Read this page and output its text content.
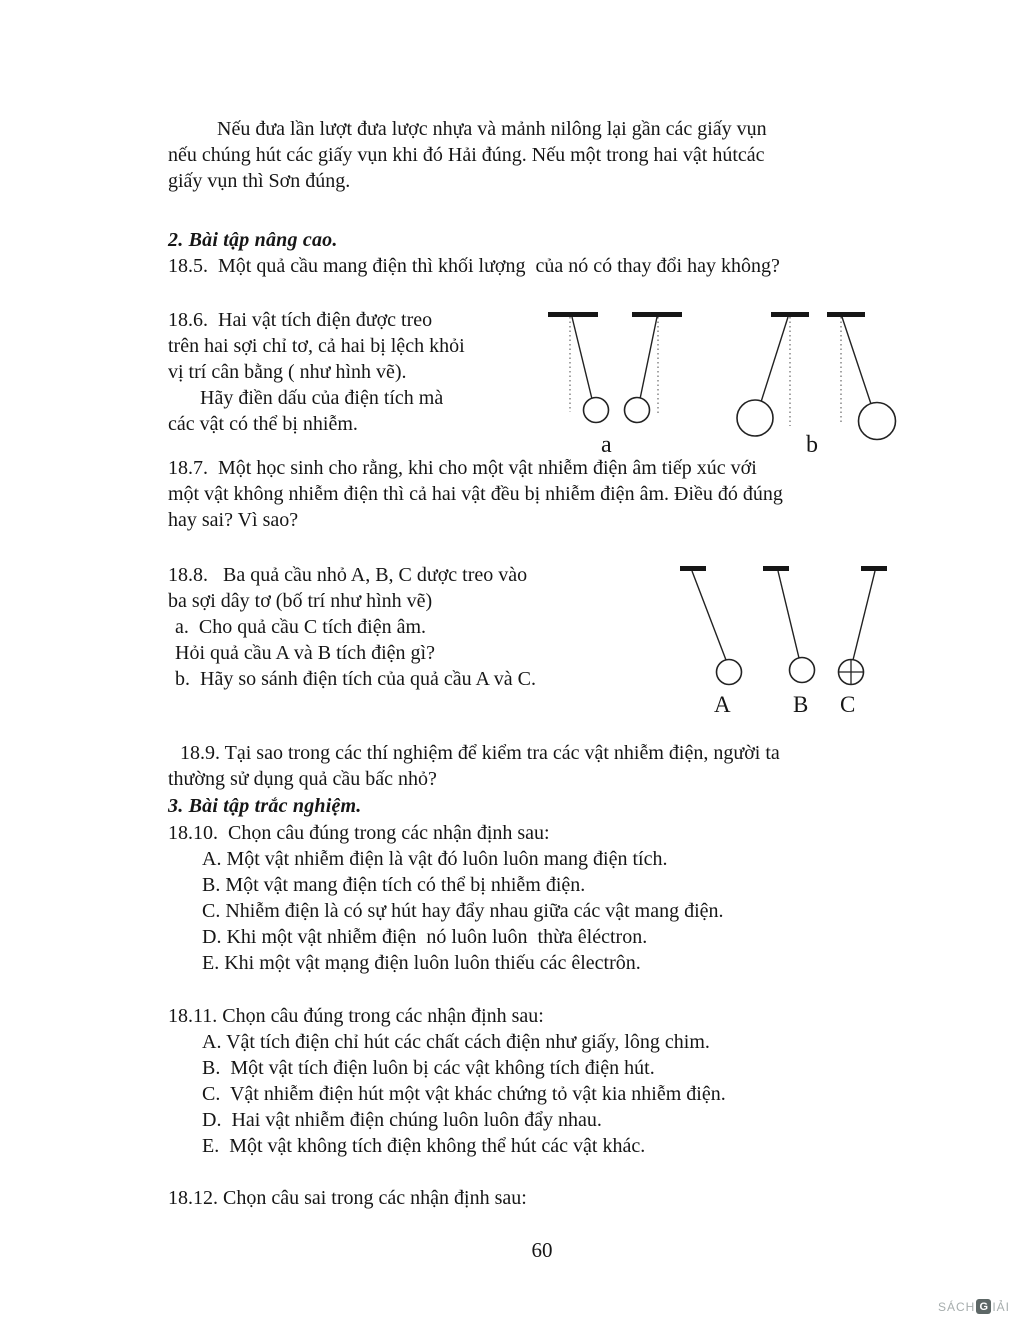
Nếu đưa lần lượt đưa lược nhựa và mảnh nilông lại gần các giấy vụn
nếu chúng hút các giấy vụn khi đó Hải đúng. Nếu một trong hai vật hútcác
giấy vụn thì Sơn đúng.
2. Bài tập nâng cao.
18.5.  Một quả cầu mang điện thì khối lượng  của nó có thay đổi hay không?
18.6.  Hai vật tích điện được treo
trên hai sợi chỉ tơ, cả hai bị lệch khỏi
vị trí cân bằng ( như hình vẽ).
Hãy điền dấu của điện tích mà
các vật có thể bị nhiễm.
a	b
18.7.  Một học sinh cho rằng, khi cho một vật nhiễm điện âm tiếp xúc với
một vật không nhiễm điện thì cả hai vật đều bị nhiễm điện âm. Điều đó đúng
hay sai? Vì sao?
18.8.   Ba quả cầu nhỏ A, B, C dược treo vào
ba sợi dây tơ (bố trí như hình vẽ)
a.  Cho quả cầu C tích điện âm.
Hỏi quả cầu A và B tích điện gì?
b.  Hãy so sánh điện tích của quả cầu A và C.
A	B C
18.9. Tại sao trong các thí nghiệm để kiểm tra các vật nhiễm điện, người ta
thường sử dụng quả cầu bấc nhỏ?
3. Bài tập trắc nghiệm.
18.10.  Chọn câu đúng trong các nhận định sau:
A. Một vật nhiễm điện là vật đó luôn luôn mang điện tích.
B. Một vật mang điện tích có thể bị nhiễm điện.
C. Nhiễm điện là có sự hút hay đẩy nhau giữa các vật mang điện.
D. Khi một vật nhiễm điện  nó luôn luôn  thừa êléctron.
E. Khi một vật mạng điện luôn luôn thiếu các êlectrôn.
18.11. Chọn câu đúng trong các nhận định sau:
A. Vật tích điện chỉ hút các chất cách điện như giấy, lông chim.
B.  Một vật tích điện luôn bị các vật không tích điện hút.
C.  Vật nhiễm điện hút một vật khác chứng tỏ vật kia nhiễm điện.
D.  Hai vật nhiễm điện chúng luôn luôn đẩy nhau.
E.  Một vật không tích điện không thể hút các vật khác.
18.12. Chọn câu sai trong các nhận định sau:
60
SÁCH G IẢI
